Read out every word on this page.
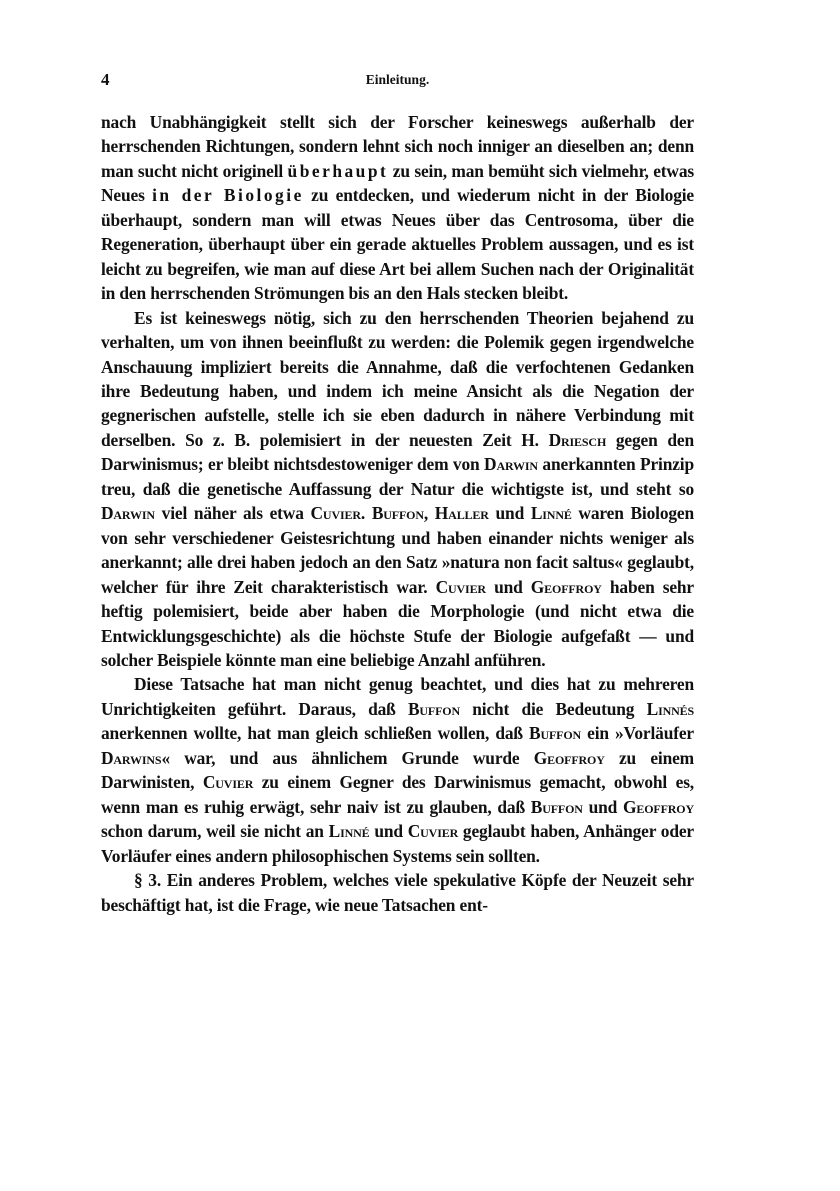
4	Einleitung.

nach Unabhängigkeit stellt sich der Forscher keineswegs außerhalb der herrschenden Richtungen, sondern lehnt sich noch inniger an dieselben an; denn man sucht nicht originell überhaupt zu sein, man bemüht sich vielmehr, etwas Neues in der Biologie zu entdecken, und wiederum nicht in der Biologie überhaupt, sondern man will etwas Neues über das Centrosoma, über die Regeneration, überhaupt über ein gerade aktuelles Problem aussagen, und es ist leicht zu begreifen, wie man auf diese Art bei allem Suchen nach der Originalität in den herrschenden Strömungen bis an den Hals stecken bleibt.

Es ist keineswegs nötig, sich zu den herrschenden Theorien bejahend zu verhalten, um von ihnen beeinflußt zu werden: die Polemik gegen irgendwelche Anschauung impliziert bereits die Annahme, daß die verfochtenen Gedanken ihre Bedeutung haben, und indem ich meine Ansicht als die Negation der gegnerischen aufstelle, stelle ich sie eben dadurch in nähere Verbindung mit derselben. So z. B. polemisiert in der neuesten Zeit H. Driesch gegen den Darwinismus; er bleibt nichtsdestoweniger dem von Darwin anerkannten Prinzip treu, daß die genetische Auffassung der Natur die wichtigste ist, und steht so Darwin viel näher als etwa Cuvier. Buffon, Haller und Linné waren Biologen von sehr verschiedener Geistesrichtung und haben einander nichts weniger als anerkannt; alle drei haben jedoch an den Satz »natura non facit saltus« geglaubt, welcher für ihre Zeit charakteristisch war. Cuvier und Geoffroy haben sehr heftig polemisiert, beide aber haben die Morphologie (und nicht etwa die Entwicklungsgeschichte) als die höchste Stufe der Biologie aufgefaßt — und solcher Beispiele könnte man eine beliebige Anzahl anführen.

Diese Tatsache hat man nicht genug beachtet, und dies hat zu mehreren Unrichtigkeiten geführt. Daraus, daß Buffon nicht die Bedeutung Linnés anerkennen wollte, hat man gleich schließen wollen, daß Buffon ein »Vorläufer Darwins« war, und aus ähnlichem Grunde wurde Geoffroy zu einem Darwinisten, Cuvier zu einem Gegner des Darwinismus gemacht, obwohl es, wenn man es ruhig erwägt, sehr naiv ist zu glauben, daß Buffon und Geoffroy schon darum, weil sie nicht an Linné und Cuvier geglaubt haben, Anhänger oder Vorläufer eines andern philosophischen Systems sein sollten.

§ 3. Ein anderes Problem, welches viele spekulative Köpfe der Neuzeit sehr beschäftigt hat, ist die Frage, wie neue Tatsachen ent-
